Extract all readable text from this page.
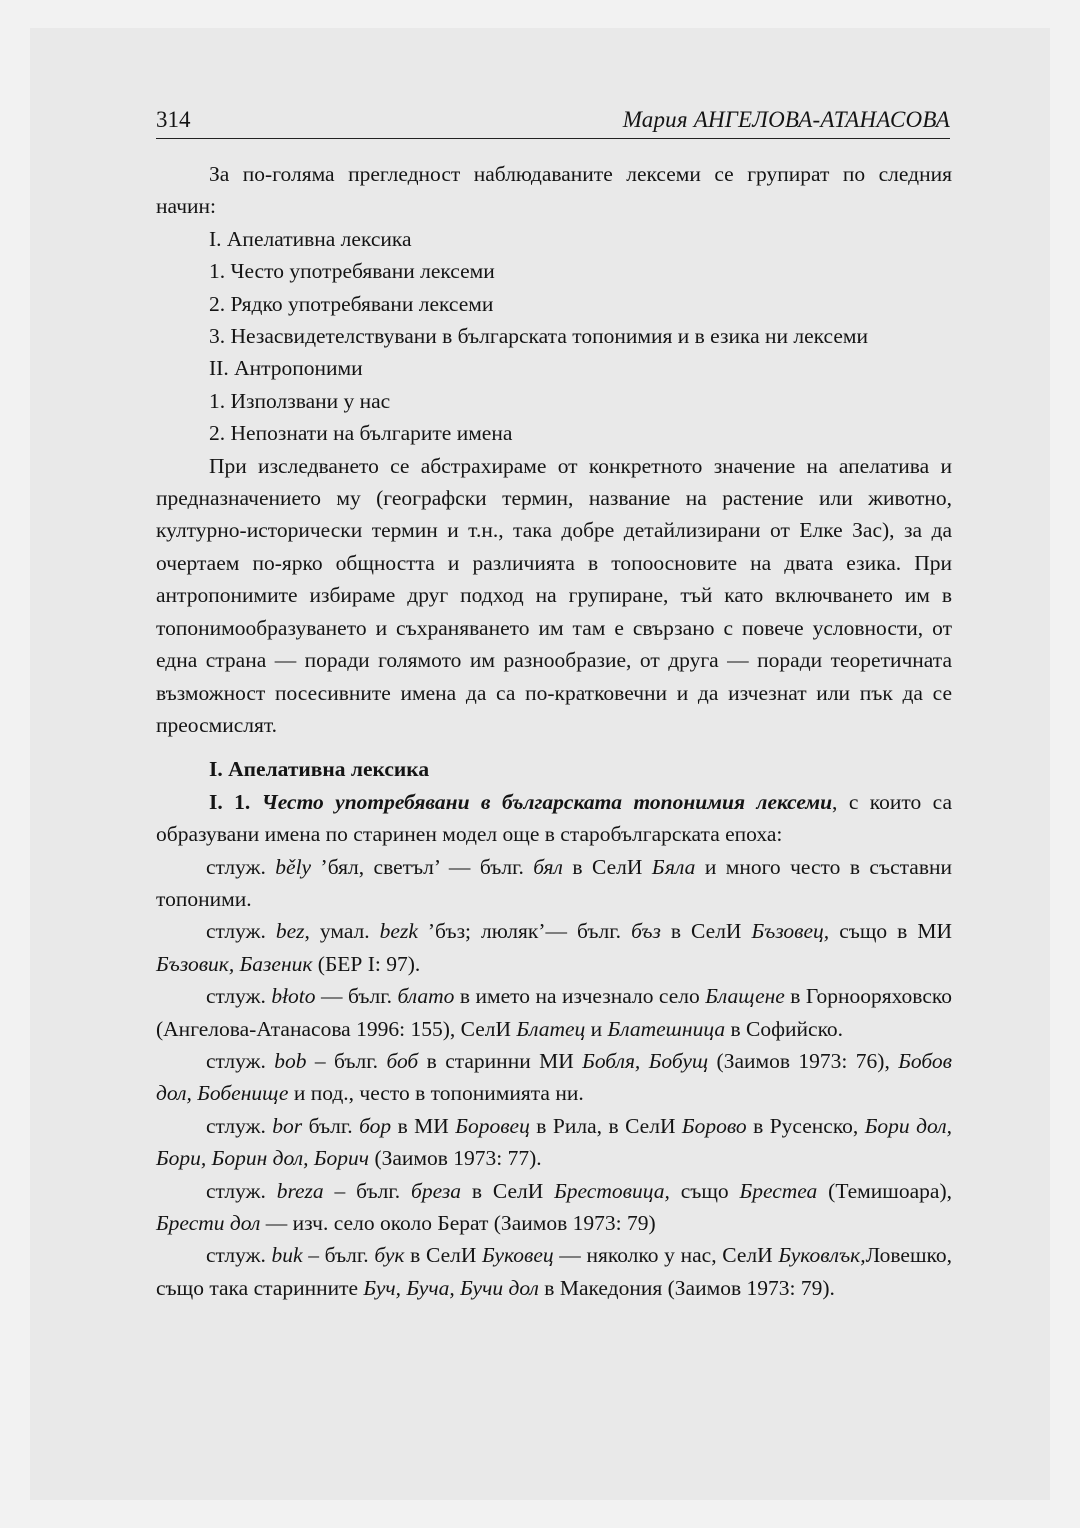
314	Мария АНГЕЛОВА-АТАНАСОВА

За по-голяма прегледност наблюдаваните лексеми се групират по следния начин:

I. Апелативна лексика

1. Често употребявани лексеми

2. Рядко употребявани лексеми

3. Незасвидетелствувани в българската топонимия и в езика ни лексеми

II. Антропоними

1. Използвани у нас

2. Непознати на българите имена

При изследването се абстрахираме от конкретното значение на апелатива и предназначението му (географски термин, название на растение или животно, културно-исторически термин и т.н., така добре детайлизирани от Елке Зас), за да очертаем по-ярко общността и различията в топоосновите на двата езика. При антропонимите избираме друг подход на групиране, тъй като включването им в топонимообразуването и съхраняването им там е свързано с повече условности, от една страна — поради голямото им разнообразие, от друга — поради теоретичната възможност посесивните имена да са по-кратковечни и да изчезнат или пък да се преосмислят.

I. Апелативна лексика

I. 1. Често употребявани в българската топонимия лексеми, с които са образувани имена по старинен модел още в старобългарската епоха:

стлуж. běly ’бял, светъл’ — бълг. бял в СелИ Бяла и много често в съставни топоними.

стлуж. bez, умал. bezk ’бъз; люляк’— бълг. бъз в СелИ Бъзовец, също в МИ Бъзовик, Базеник (БЕР I: 97).

стлуж. błoto — бълг. блато в името на изчезнало село Блащене в Горнооряховско (Ангелова-Атанасова 1996: 155), СелИ Блатец и Блатешница в Софийско.

стлуж. bob – бълг. боб в старинни МИ Бобля, Бобущ (Заимов 1973: 76), Бобов дол, Бобенище и под., често в топонимията ни.

стлуж. bor бълг. бор в МИ Боровец в Рила, в СелИ Борово в Русенско, Бори дол, Бори, Борин дол, Борич (Заимов 1973: 77).

стлуж. breza – бълг. бреза в СелИ Брестовица, също Брестеа (Темишоара), Брести дол — изч. село около Берат (Заимов 1973: 79)

стлуж. buk – бълг. бук в СелИ Буковец — няколко у нас, СелИ Буковлък,Ловешко, също така старинните Буч, Буча, Бучи дол в Македония (Заимов 1973: 79).
